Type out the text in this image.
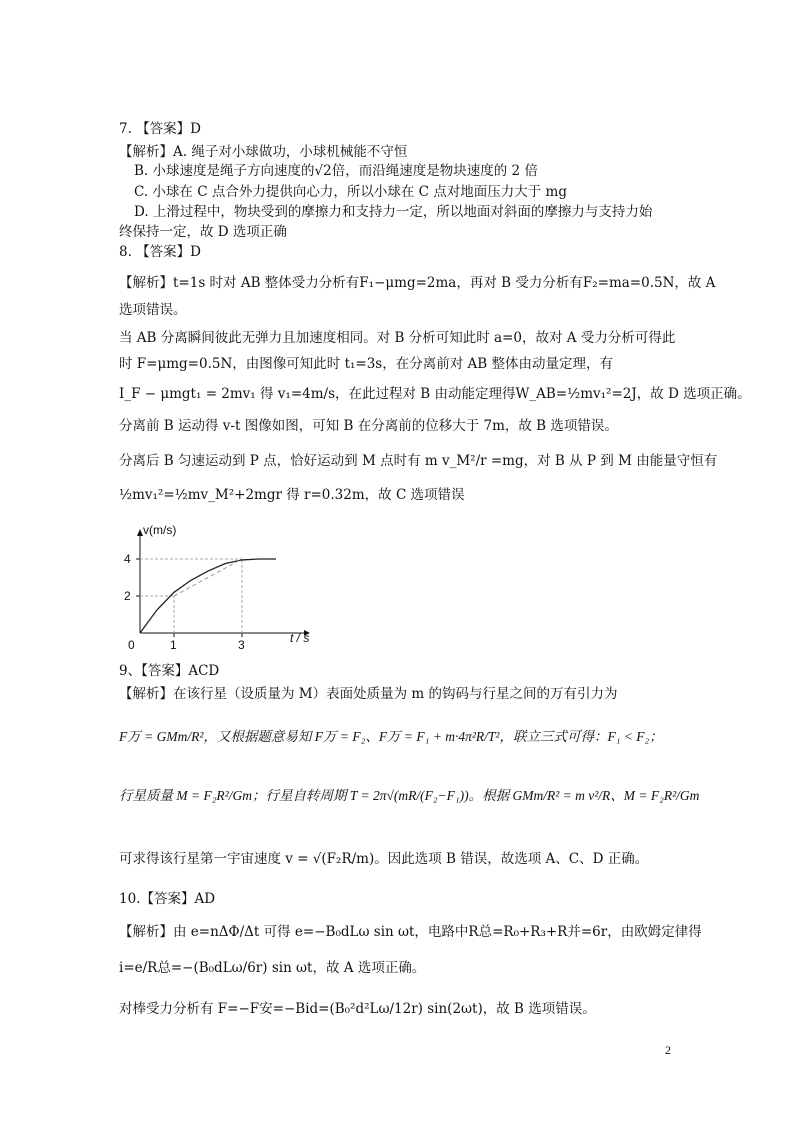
7. 【答案】D
【解析】A. 绳子对小球做功，小球机械能不守恒
B. 小球速度是绳子方向速度的√2倍，而沿绳速度是物块速度的 2 倍
C. 小球在 C 点合外力提供向心力，所以小球在 C 点对地面压力大于 mg
D. 上滑过程中，物块受到的摩擦力和支持力一定，所以地面对斜面的摩擦力与支持力始
终保持一定，故 D 选项正确
8. 【答案】D
【解析】t=1s 时对 AB 整体受力分析有F₁−μmg=2ma，再对 B 受力分析有F₂=ma=0.5N，故 A
选项错误。
当 AB 分离瞬间彼此无弹力且加速度相同。对 B 分析可知此时 a=0，故对 A 受力分析可得此
时 F=μmg=0.5N，由图像可知此时 t₁=3s，在分离前对 AB 整体由动量定理，有
I_F − μmgt₁ = 2mv₁ 得 v₁=4m/s，在此过程对 B 由动能定理得W_AB=½mv₁²=2J，故 D 选项正确。
分离前 B 运动得 v-t 图像如图，可知 B 在分离前的位移大于 7m，故 B 选项错误。
分离后 B 匀速运动到 P 点，恰好运动到 M 点时有 m v_M²/r =mg，对 B 从 P 到 M 由能量守恒有
½mv₁²=½mv_M²+2mgr 得 r=0.32m，故 C 选项错误
0	1	3
2
4
v(m/s)
t / s
9、【答案】ACD
【解析】在该行星（设质量为 M）表面处质量为 m 的钩码与行星之间的万有引力为
F万 = GMm/R²，又根据题意易知 F万 = F₂、F万 = F₁ + m·4π²R/T²，联立三式可得：F₁ < F₂；
行星质量 M = F₂R²/Gm；行星自转周期 T = 2π√(mR/(F₂−F₁))。根据 GMm/R² = m v²/R、M = F₂R²/Gm
可求得该行星第一宇宙速度 v = √(F₂R/m)。因此选项 B 错误，故选项 A、C、D 正确。
10.【答案】AD
【解析】由 e=nΔΦ/Δt 可得 e=−B₀dLω sin ωt，电路中R总=R₀+R₃+R并=6r，由欧姆定律得
i=e/R总=−(B₀dLω/6r) sin ωt，故 A 选项正确。
对棒受力分析有 F=−F安=−Bid=(B₀²d²Lω/12r) sin(2ωt)，故 B 选项错误。
2
